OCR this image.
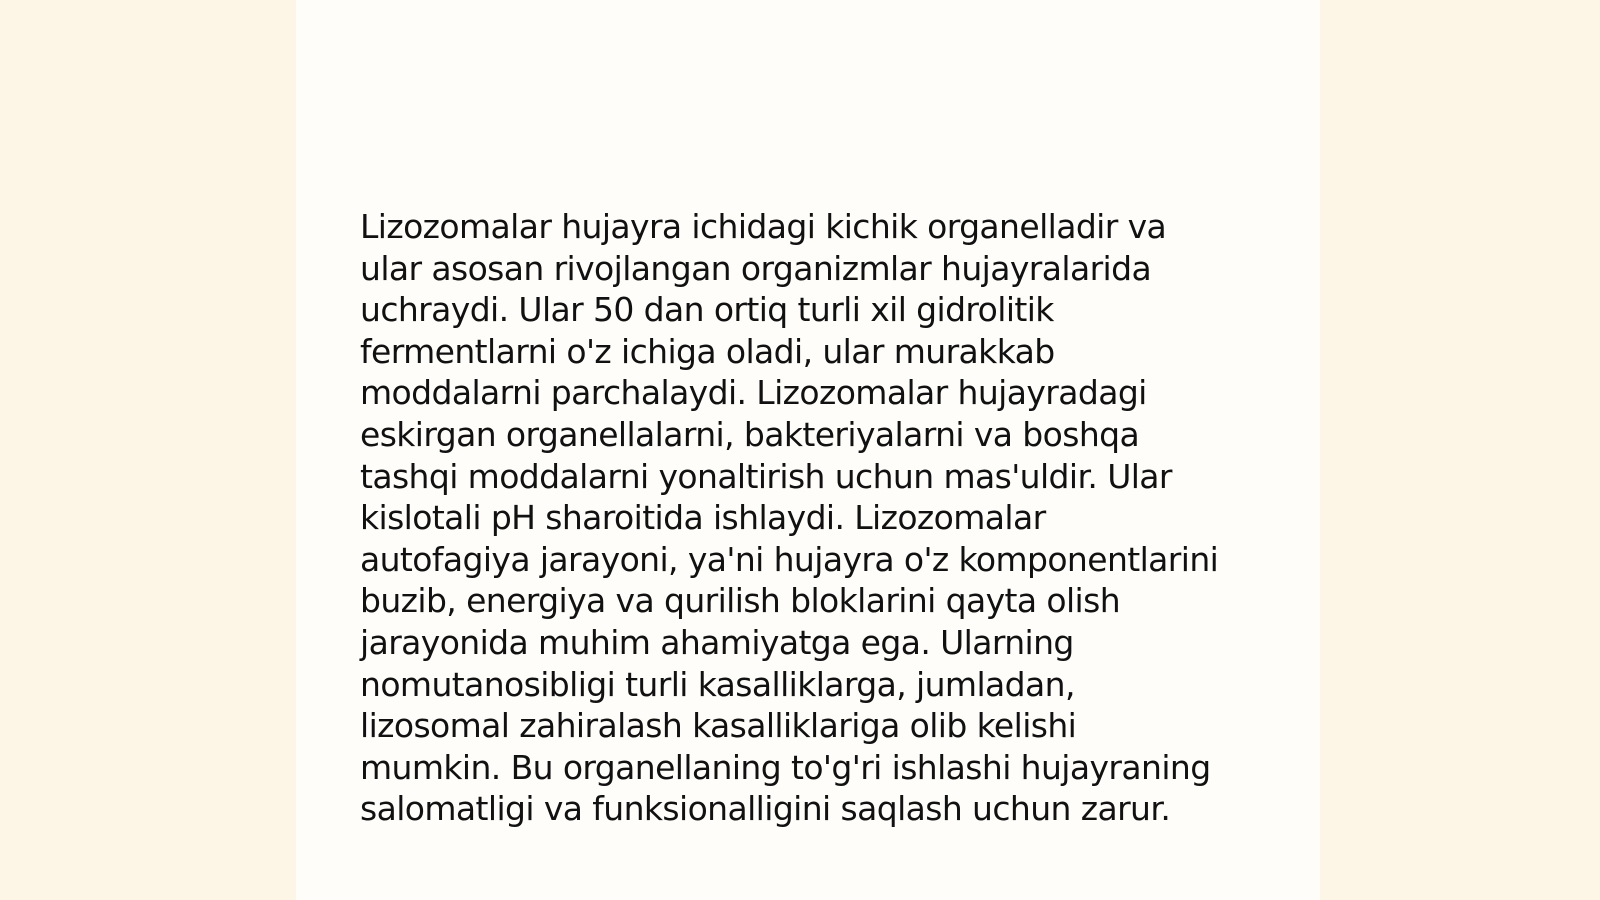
Lizozomalar hujayra ichidagi kichik organelladir va
ular asosan rivojlangan organizmlar hujayralarida
uchraydi. Ular 50 dan ortiq turli xil gidrolitik
fermentlarni o'z ichiga oladi, ular murakkab
moddalarni parchalaydi. Lizozomalar hujayradagi
eskirgan organellalarni, bakteriyalarni va boshqa
tashqi moddalarni yonaltirish uchun mas'uldir. Ular
kislotali pH sharoitida ishlaydi. Lizozomalar
autofagiya jarayoni, ya'ni hujayra o'z komponentlarini
buzib, energiya va qurilish bloklarini qayta olish
jarayonida muhim ahamiyatga ega. Ularning
nomutanosibligi turli kasalliklarga, jumladan,
lizosomal zahiralash kasalliklariga olib kelishi
mumkin. Bu organellaning to'g'ri ishlashi hujayraning
salomatligi va funksionalligini saqlash uchun zarur.
